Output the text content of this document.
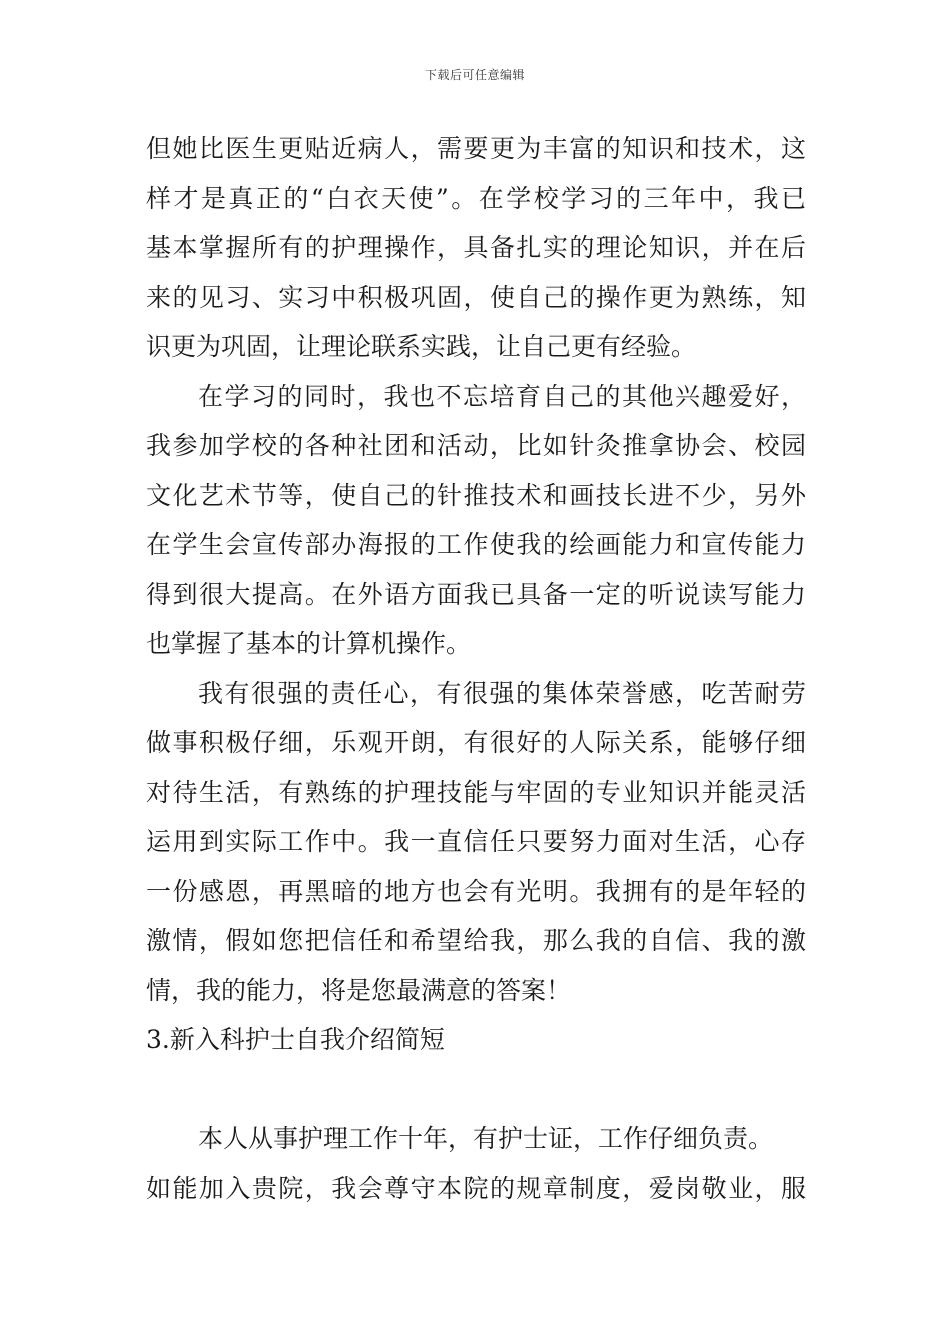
下载后可任意编辑
但她比医生更贴近病人，需要更为丰富的知识和技术，这
样才是真正的“白衣天使”。在学校学习的三年中，我已
基本掌握所有的护理操作，具备扎实的理论知识，并在后
来的见习、实习中积极巩固，使自己的操作更为熟练，知
识更为巩固，让理论联系实践，让自己更有经验。
在学习的同时，我也不忘培育自己的其他兴趣爱好，
我参加学校的各种社团和活动，比如针灸推拿协会、校园
文化艺术节等，使自己的针推技术和画技长进不少，另外
在学生会宣传部办海报的工作使我的绘画能力和宣传能力
得到很大提高。在外语方面我已具备一定的听说读写能力
也掌握了基本的计算机操作。
我有很强的责任心，有很强的集体荣誉感，吃苦耐劳
做事积极仔细，乐观开朗，有很好的人际关系，能够仔细
对待生活，有熟练的护理技能与牢固的专业知识并能灵活
运用到实际工作中。我一直信任只要努力面对生活，心存
一份感恩，再黑暗的地方也会有光明。我拥有的是年轻的
激情，假如您把信任和希望给我，那么我的自信、我的激
情，我的能力，将是您最满意的答案！
3.新入科护士自我介绍简短
本人从事护理工作十年，有护士证，工作仔细负责。
如能加入贵院，我会尊守本院的规章制度，爱岗敬业，服
